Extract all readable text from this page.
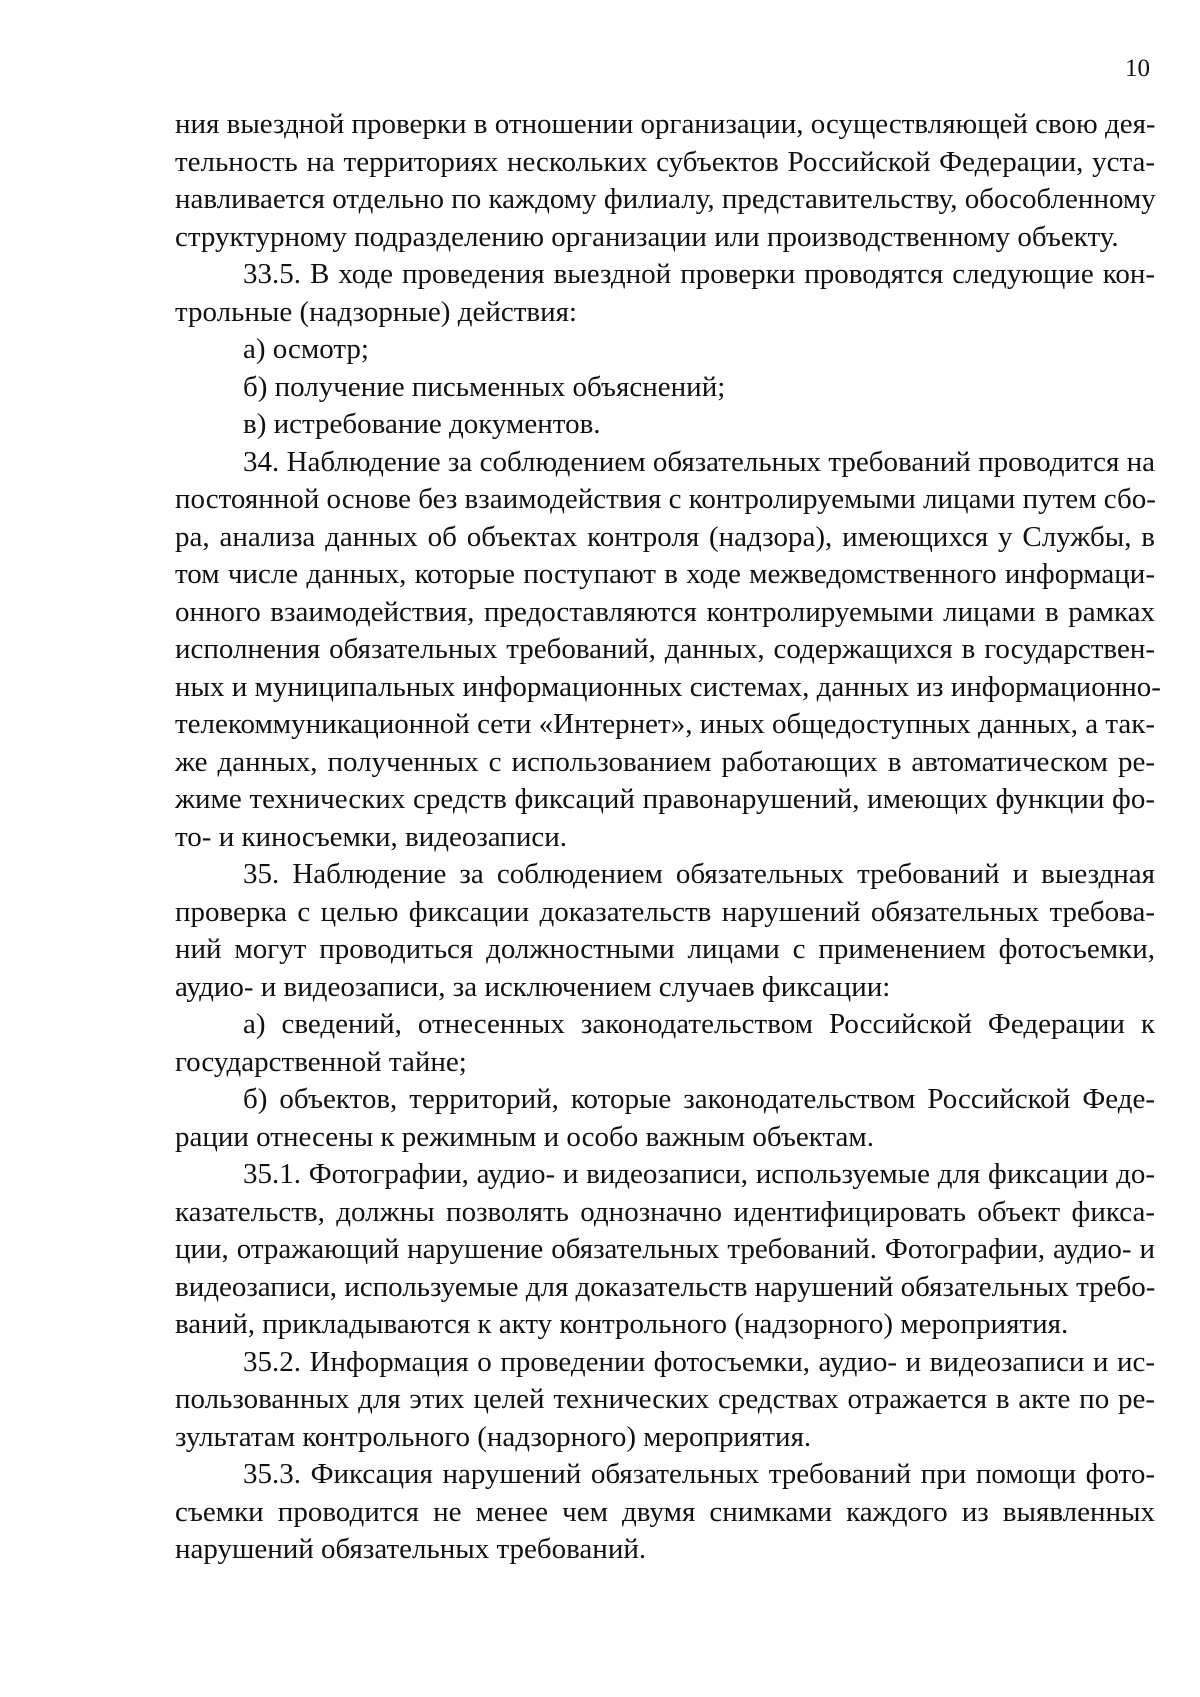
10
ния выездной проверки в отношении организации, осуществляющей свою дея-
тельность на территориях нескольких субъектов Российской Федерации, уста-
навливается отдельно по каждому филиалу, представительству, обособленному
структурному подразделению организации или производственному объекту.
33.5. В ходе проведения выездной проверки проводятся следующие кон-
трольные (надзорные) действия:
а) осмотр;
б) получение письменных объяснений;
в) истребование документов.
34. Наблюдение за соблюдением обязательных требований проводится на
постоянной основе без взаимодействия с контролируемыми лицами путем сбо-
ра, анализа данных об объектах контроля (надзора), имеющихся у Службы, в
том числе данных, которые поступают в ходе межведомственного информаци-
онного взаимодействия, предоставляются контролируемыми лицами в рамках
исполнения обязательных требований, данных, содержащихся в государствен-
ных и муниципальных информационных системах, данных из информационно-
телекоммуникационной сети «Интернет», иных общедоступных данных, а так-
же данных, полученных с использованием работающих в автоматическом ре-
жиме технических средств фиксаций правонарушений, имеющих функции фо-
то- и киносъемки, видеозаписи.
35. Наблюдение за соблюдением обязательных требований и выездная
проверка с целью фиксации доказательств нарушений обязательных требова-
ний могут проводиться должностными лицами с применением фотосъемки,
аудио- и видеозаписи, за исключением случаев фиксации:
а) сведений, отнесенных законодательством Российской Федерации к
государственной тайне;
б) объектов, территорий, которые законодательством Российской Феде-
рации отнесены к режимным и особо важным объектам.
35.1. Фотографии, аудио- и видеозаписи, используемые для фиксации до-
казательств, должны позволять однозначно идентифицировать объект фикса-
ции, отражающий нарушение обязательных требований. Фотографии, аудио- и
видеозаписи, используемые для доказательств нарушений обязательных требо-
ваний, прикладываются к акту контрольного (надзорного) мероприятия.
35.2. Информация о проведении фотосъемки, аудио- и видеозаписи и ис-
пользованных для этих целей технических средствах отражается в акте по ре-
зультатам контрольного (надзорного) мероприятия.
35.3. Фиксация нарушений обязательных требований при помощи фото-
съемки проводится не менее чем двумя снимками каждого из выявленных
нарушений обязательных требований.
